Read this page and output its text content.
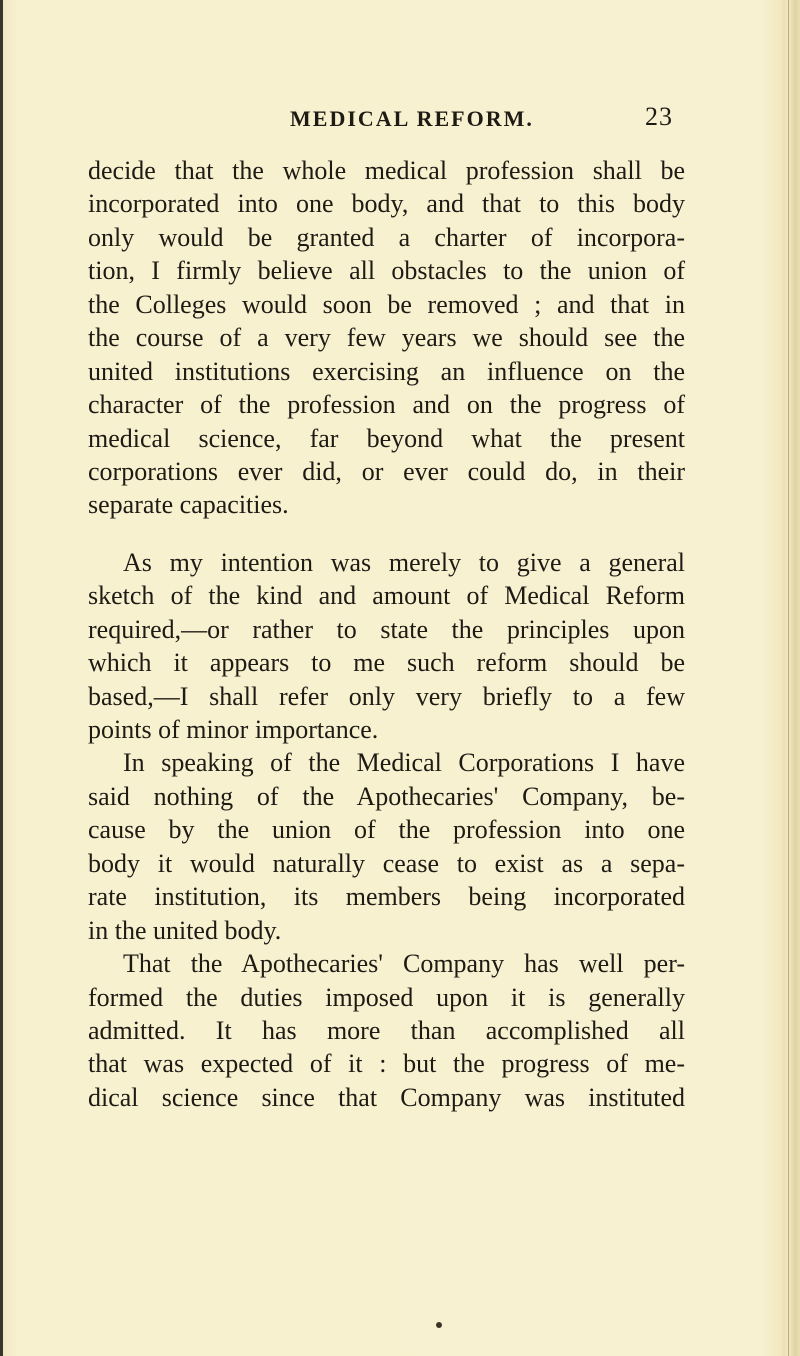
MEDICAL REFORM.	23
decide that the whole medical profession shall be
incorporated into one body, and that to this body
only would be granted a charter of incorpora-
tion, I firmly believe all obstacles to the union of
the Colleges would soon be removed ; and that in
the course of a very few years we should see the
united institutions exercising an influence on the
character of the profession and on the progress of
medical science, far beyond what the present
corporations ever did, or ever could do, in their
separate capacities.
As my intention was merely to give a general
sketch of the kind and amount of Medical Reform
required,—or rather to state the principles upon
which it appears to me such reform should be
based,—I shall refer only very briefly to a few
points of minor importance.
In speaking of the Medical Corporations I have
said nothing of the Apothecaries' Company, be-
cause by the union of the profession into one
body it would naturally cease to exist as a sepa-
rate institution, its members being incorporated
in the united body.
That the Apothecaries' Company has well per-
formed the duties imposed upon it is generally
admitted. It has more than accomplished all
that was expected of it : but the progress of me-
dical science since that Company was instituted
